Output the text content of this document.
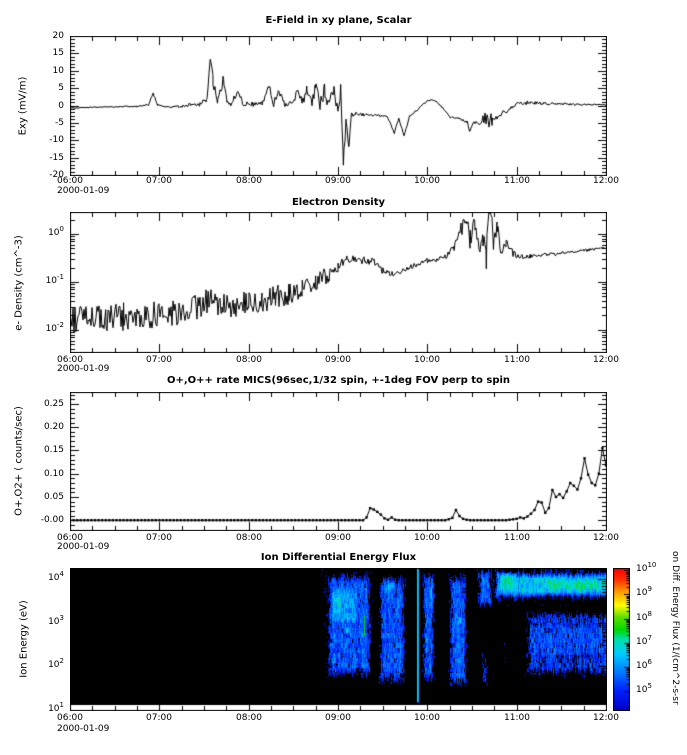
E-Field in xy plane, Scalar
Electron Density
O+,O++ rate MICS(96sec,1/32 spin, +-1deg FOV perp to spin
Ion Differential Energy Flux
Exy (mV/m)
e- Density (cm^-3)
O+,O2+ ( counts/sec)
Ion Energy (eV)	on Diff. Energy Flux (1/(cm^2-s-sr
2000-01-09
2000-01-09
2000-01-09
2000-01-09
06:00	07:00	08:00	09:00	10:00	11:00	12:00
06:00	07:00	08:00	09:00	10:00	11:00	12:00
06:00	07:00	08:00	09:00	10:00	11:00	12:00
06:00	07:00	08:00	09:00	10:00	11:00	12:00
20
15
10
5
0
-5
-10
-15
-20
$10^0$
$10^{-1}$
$10^{-2}$
0.25
0.20
0.15
0.10
0.05
-0.00
$10^4$
$10^3$
$10^2$
$10^1$
$10^{10}$
$10^9$
$10^8$
$10^7$
$10^6$
$10^5$
